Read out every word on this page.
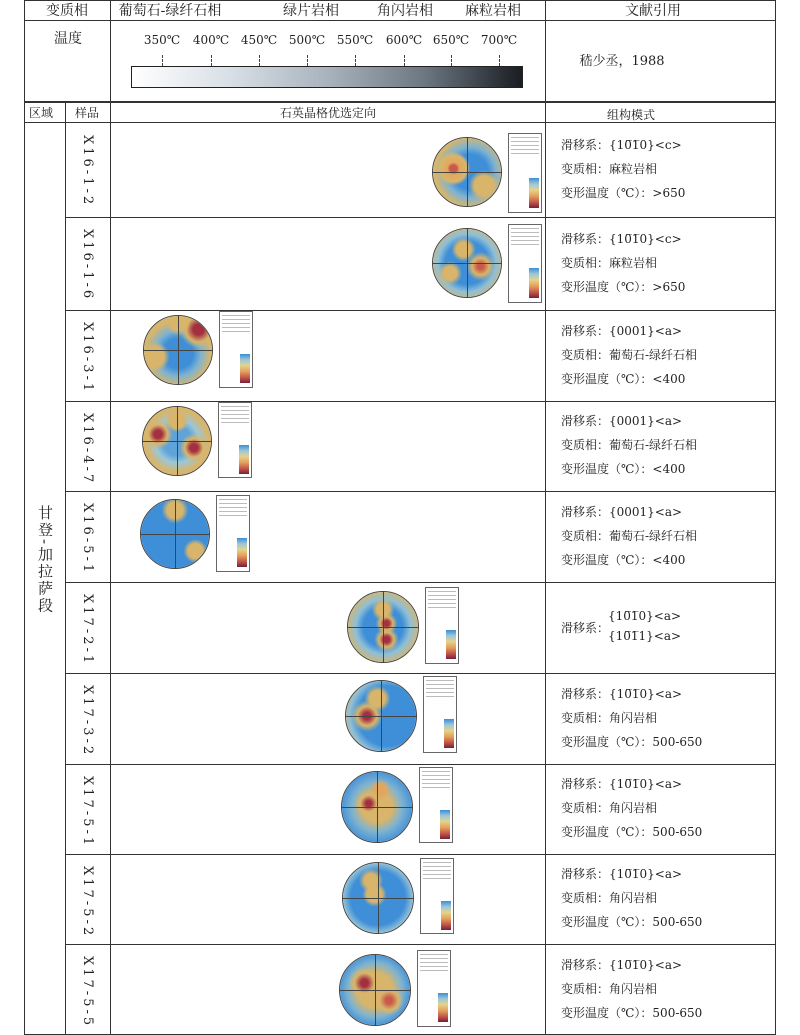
变质相 葡萄石-绿纤石相	绿片岩相	角闪岩相 麻粒岩相	文献引用
温度	350℃ 400℃ 450℃ 500℃ 550℃ 600℃ 650℃ 700℃
嵇少丞，1988
区域 样品	石英晶格优选定向	组构模式
甘登-加拉萨段
X16-1-2	滑移系：{10̅1̅0}<c>
变质相：麻粒岩相
变形温度（℃）：>650
X16-1-6	滑移系：{10̅1̅0}<c>
变质相：麻粒岩相
变形温度（℃）：>650
X16-3-1	滑移系：{0001}<a>
变质相：葡萄石-绿纤石相
变形温度（℃）：<400
X16-4-7	滑移系：{0001}<a>
变质相：葡萄石-绿纤石相
变形温度（℃）：<400
X16-5-1	滑移系：{0001}<a>
变质相：葡萄石-绿纤石相
变形温度（℃）：<400
X17-2-1	滑移系：
{10̅1̅0}<a>
{10̅1̅1}<a>
X17-3-2	滑移系：{10̅1̅0}<a>
变质相：角闪岩相
变形温度（℃）：500-650
X17-5-1	滑移系：{10̅1̅0}<a>
变质相：角闪岩相
变形温度（℃）：500-650
X17-5-2	滑移系：{10̅1̅0}<a>
变质相：角闪岩相
变形温度（℃）：500-650
X17-5-5	滑移系：{10̅1̅0}<a>
变质相：角闪岩相
变形温度（℃）：500-650
